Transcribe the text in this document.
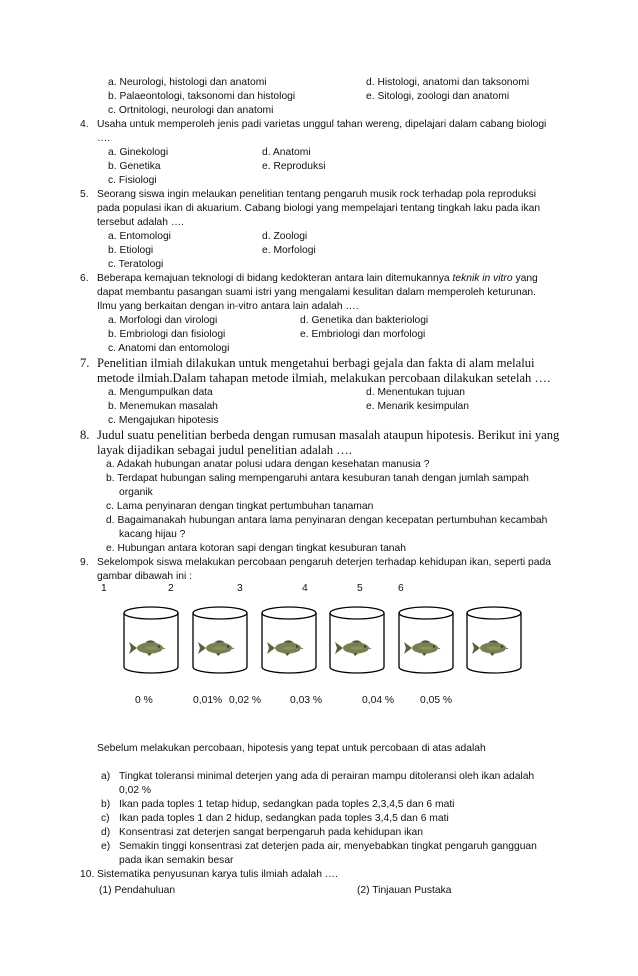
a. Neurologi, histologi dan anatomi	d. Histologi, anatomi dan taksonomi
b. Palaeontologi, taksonomi dan histologi	e. Sitologi, zoologi dan anatomi
c. Ortnitologi, neurologi dan anatomi
4. Usaha untuk memperoleh jenis padi varietas unggul tahan wereng, dipelajari dalam cabang biologi
….
a. Ginekologi	d. Anatomi
b. Genetika	e. Reproduksi
c. Fisiologi
5. Seorang siswa ingin melaukan penelitian tentang pengaruh musik rock terhadap pola reproduksi
pada populasi ikan di akuarium. Cabang biologi yang mempelajari tentang tingkah laku pada ikan
tersebut adalah ….
a. Entomologi	d. Zoologi
b. Etiologi	e. Morfologi
c. Teratologi
6. Beberapa kemajuan teknologi di bidang kedokteran antara lain ditemukannya teknik in vitro yang
dapat membantu pasangan suami istri yang mengalami kesulitan dalam memperoleh keturunan.
Ilmu yang berkaitan dengan in-vitro antara lain adalah ….
a. Morfologi dan virologi	d. Genetika dan bakteriologi
b. Embriologi dan fisiologi	e. Embriologi dan morfologi
c. Anatomi dan entomologi
7. Penelitian ilmiah dilakukan untuk mengetahui berbagi gejala dan fakta di alam melalui
metode ilmiah.Dalam tahapan metode ilmiah, melakukan percobaan dilakukan setelah ….
a. Mengumpulkan data	d. Menentukan tujuan
b. Menemukan masalah	e. Menarik kesimpulan
c. Mengajukan hipotesis
8. Judul suatu penelitian berbeda dengan rumusan masalah ataupun hipotesis. Berikut ini yang
layak dijadikan sebagai judul penelitian adalah ….
a. Adakah hubungan anatar polusi udara dengan kesehatan manusia ?
b. Terdapat hubungan saling mempengaruhi antara kesuburan tanah dengan jumlah sampah
organik
c. Lama penyinaran dengan tingkat pertumbuhan tanaman
d. Bagaimanakah hubungan antara lama penyinaran dengan kecepatan pertumbuhan kecambah
kacang hijau ?
e. Hubungan antara kotoran sapi dengan tingkat kesuburan tanah
9. Sekelompok siswa melakukan percobaan pengaruh deterjen terhadap kehidupan ikan, seperti pada
gambar dibawah ini :
1	2	3	4	5	6
0 %	0,01% 0,02 %	0,03 %	0,04 %	0,05 %
Sebelum melakukan percobaan, hipotesis yang tepat untuk percobaan di atas adalah
a) Tingkat toleransi minimal deterjen yang ada di perairan mampu ditoleransi oleh ikan adalah
0,02 %
b) Ikan pada toples 1 tetap hidup, sedangkan pada toples 2,3,4,5 dan 6 mati
c) Ikan pada toples 1 dan 2 hidup, sedangkan pada toples 3,4,5 dan 6 mati
d) Konsentrasi zat deterjen sangat berpengaruh pada kehidupan ikan
e) Semakin tinggi konsentrasi zat deterjen pada air, menyebabkan tingkat pengaruh gangguan
pada ikan semakin besar
10. Sistematika penyusunan karya tulis ilmiah adalah ….
(1) Pendahuluan	(2) Tinjauan Pustaka
